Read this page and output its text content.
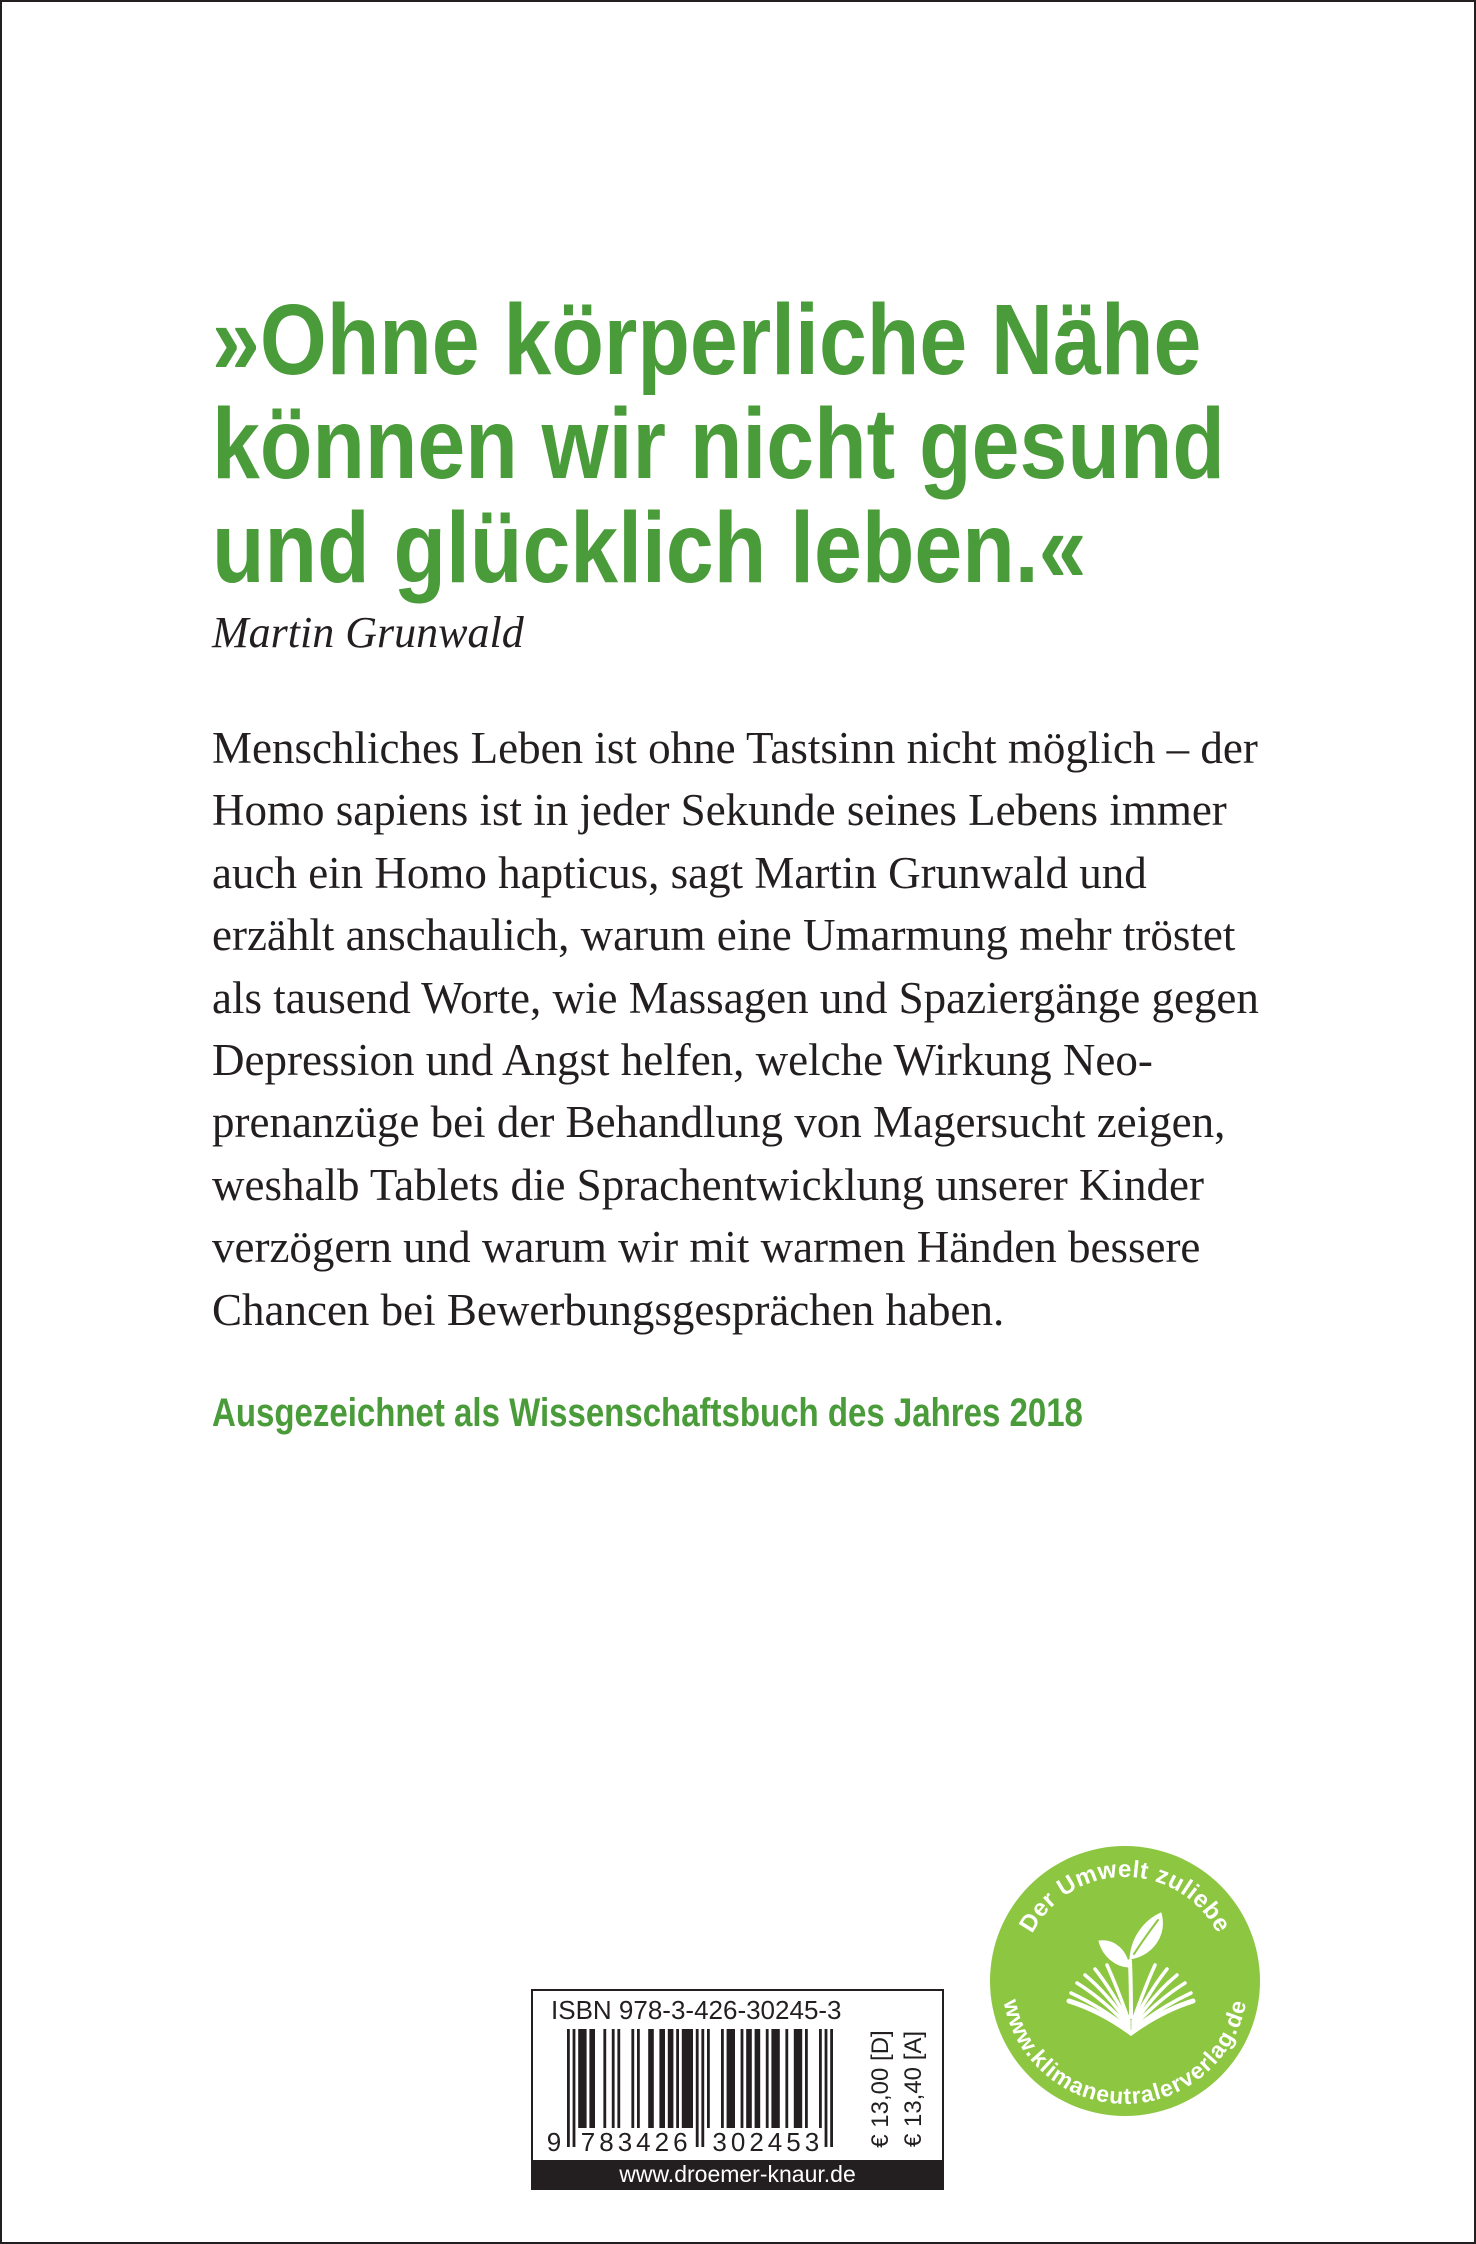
»Ohne körperliche Nähe
können wir nicht gesund
und glücklich leben.«
Martin Grunwald
Menschliches Leben ist ohne Tastsinn nicht möglich – der
Homo sapiens ist in jeder Sekunde seines Lebens immer
auch ein Homo hapticus, sagt Martin Grunwald und
erzählt anschaulich, warum eine Umarmung mehr tröstet
als tausend Worte, wie Massagen und Spaziergänge gegen
Depression und Angst helfen, welche Wirkung Neo-
prenanzüge bei der Behandlung von Magersucht zeigen,
weshalb Tablets die Sprachentwicklung unserer Kinder
verzögern und warum wir mit warmen Händen bessere
Chancen bei Bewerbungsgesprächen haben.
Ausgezeichnet als Wissenschaftsbuch des Jahres 2018
Der Umwelt zuliebe
www.klimaneutralerverlag.de
ISBN 978-3-426-30245-3
9 783426 302453 € 13,00 [D] € 13,40 [A]
www.droemer-knaur.de
